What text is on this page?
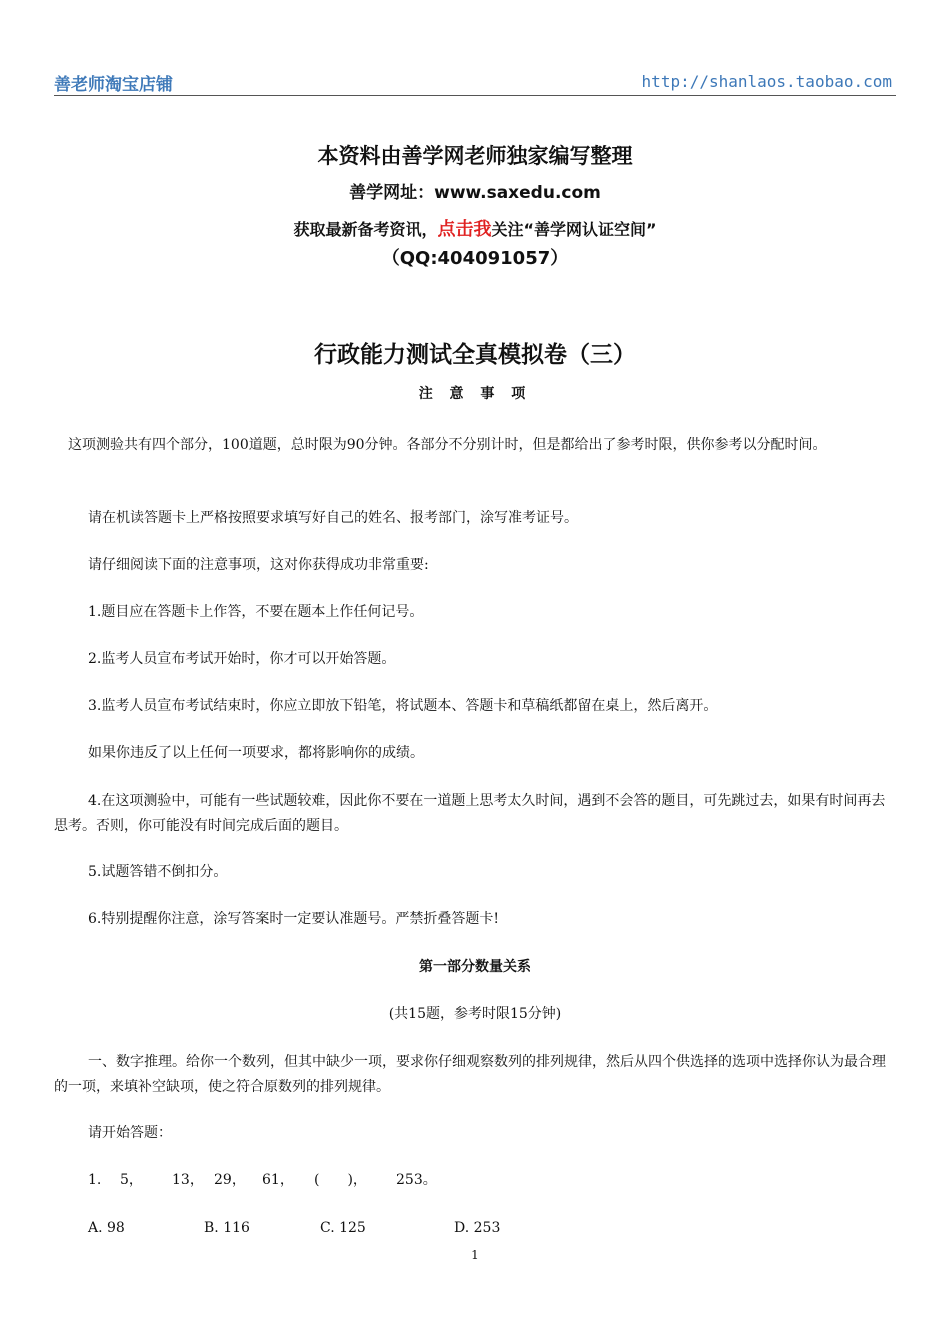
善老师淘宝店铺	http://shanlaos.taobao.com
本资料由善学网老师独家编写整理
善学网址：www.saxedu.com
获取最新备考资讯，点击我关注“善学网认证空间”
（QQ:404091057）
行政能力测试全真模拟卷（三）
注 意 事 项
这项测验共有四个部分，100道题，总时限为90分钟。各部分不分别计时，但是都给出了参考时限，供你参考以分配时间。
请在机读答题卡上严格按照要求填写好自己的姓名、报考部门，涂写准考证号。
请仔细阅读下面的注意事项，这对你获得成功非常重要:
1.题目应在答题卡上作答，不要在题本上作任何记号。
2.监考人员宣布考试开始时，你才可以开始答题。
3.监考人员宣布考试结束时，你应立即放下铅笔，将试题本、答题卡和草稿纸都留在桌上，然后离开。
如果你违反了以上任何一项要求，都将影响你的成绩。
4.在这项测验中，可能有一些试题较难，因此你不要在一道题上思考太久时间，遇到不会答的题目，可先跳过去，如果有时间再去思考。否则，你可能没有时间完成后面的题目。
5.试题答错不倒扣分。
6.特别提醒你注意，涂写答案时一定要认准题号。严禁折叠答题卡!
第一部分数量关系
(共15题，参考时限15分钟)
一、数字推理。给你一个数列，但其中缺少一项，要求你仔细观察数列的排列规律，然后从四个供选择的选项中选择你认为最合理的一项，来填补空缺项，使之符合原数列的排列规律。
请开始答题：
1. 5， 13， 29， 61， (　　)， 253。
A. 98	B. 116	C. 125	D. 253
1
